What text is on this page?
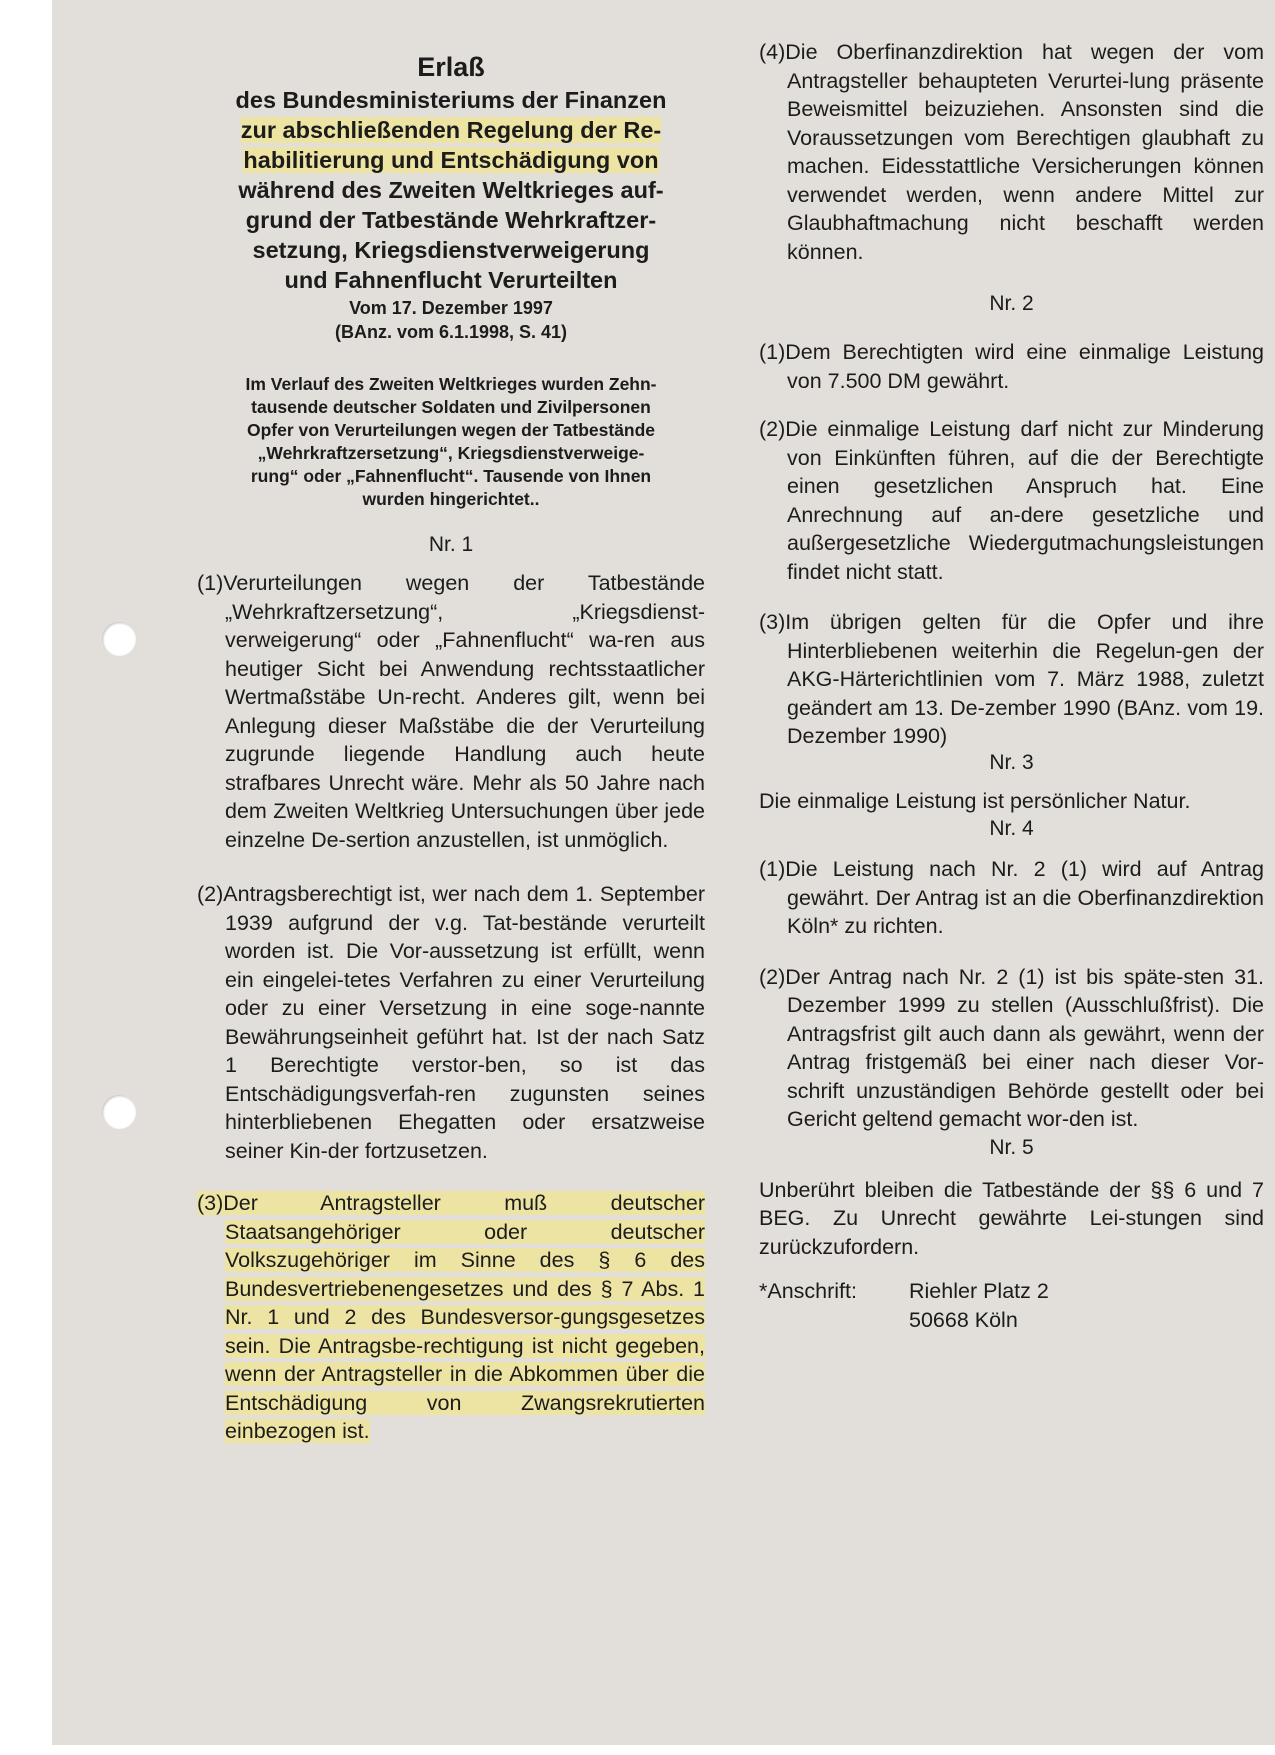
Erlaß
des Bundesministeriums der Finanzen
zur abschließenden Regelung der Re-
habilitierung und Entschädigung von
während des Zweiten Weltkrieges auf-
grund der Tatbestände Wehrkraftzer-
setzung, Kriegsdienstverweigerung
und Fahnenflucht Verurteilten
Vom 17. Dezember 1997
(BAnz. vom 6.1.1998, S. 41)
Im Verlauf des Zweiten Weltkrieges wurden Zehn-
tausende deutscher Soldaten und Zivilpersonen
Opfer von Verurteilungen wegen der Tatbestände
„Wehrkraftzersetzung“, Kriegsdienstverweige-
rung“ oder „Fahnenflucht“. Tausende von Ihnen
wurden hingerichtet..
Nr. 1
(1)Verurteilungen wegen der Tatbestände „Wehrkraftzersetzung“, „Kriegsdienst-verweigerung“ oder „Fahnenflucht“ wa-ren aus heutiger Sicht bei Anwendung rechtsstaatlicher Wertmaßstäbe Un-recht. Anderes gilt, wenn bei Anlegung dieser Maßstäbe die der Verurteilung zugrunde liegende Handlung auch heute strafbares Unrecht wäre. Mehr als 50 Jahre nach dem Zweiten Weltkrieg Untersuchungen über jede einzelne De-sertion anzustellen, ist unmöglich.
(2)Antragsberechtigt ist, wer nach dem 1. September 1939 aufgrund der v.g. Tat-bestände verurteilt worden ist. Die Vor-aussetzung ist erfüllt, wenn ein eingelei-tetes Verfahren zu einer Verurteilung oder zu einer Versetzung in eine soge-nannte Bewährungseinheit geführt hat. Ist der nach Satz 1 Berechtigte verstor-ben, so ist das Entschädigungsverfah-ren zugunsten seines hinterbliebenen Ehegatten oder ersatzweise seiner Kin-der fortzusetzen.
(3)Der Antragsteller muß deutscher Staatsangehöriger oder deutscher Volkszugehöriger im Sinne des § 6 des Bundesvertriebenengesetzes und des § 7 Abs. 1 Nr. 1 und 2 des Bundesversor-gungsgesetzes sein. Die Antragsbe-rechtigung ist nicht gegeben, wenn der Antragsteller in die Abkommen über die Entschädigung von Zwangsrekrutierten einbezogen ist.
(4)Die Oberfinanzdirektion hat wegen der vom Antragsteller behaupteten Verurtei-lung präsente Beweismittel beizuziehen. Ansonsten sind die Voraussetzungen vom Berechtigen glaubhaft zu machen. Eidesstattliche Versicherungen können verwendet werden, wenn andere Mittel zur Glaubhaftmachung nicht beschafft werden können.
Nr. 2
(1)Dem Berechtigten wird eine einmalige Leistung von 7.500 DM gewährt.
(2)Die einmalige Leistung darf nicht zur Minderung von Einkünften führen, auf die der Berechtigte einen gesetzlichen Anspruch hat. Eine Anrechnung auf an-dere gesetzliche und außergesetzliche Wiedergutmachungsleistungen findet nicht statt.
(3)Im übrigen gelten für die Opfer und ihre Hinterbliebenen weiterhin die Regelun-gen der AKG-Härterichtlinien vom 7. März 1988, zuletzt geändert am 13. De-zember 1990 (BAnz. vom 19. Dezember 1990)
Nr. 3
Die einmalige Leistung ist persönlicher Natur.
Nr. 4
(1)Die Leistung nach Nr. 2 (1) wird auf Antrag gewährt. Der Antrag ist an die Oberfinanzdirektion Köln* zu richten.
(2)Der Antrag nach Nr. 2 (1) ist bis späte-sten 31. Dezember 1999 zu stellen (Ausschlußfrist). Die Antragsfrist gilt auch dann als gewährt, wenn der Antrag fristgemäß bei einer nach dieser Vor-schrift unzuständigen Behörde gestellt oder bei Gericht geltend gemacht wor-den ist.
Nr. 5
Unberührt bleiben die Tatbestände der §§ 6 und 7 BEG. Zu Unrecht gewährte Lei-stungen sind zurückzufordern.
*Anschrift:	Riehler Platz 2
50668 Köln
